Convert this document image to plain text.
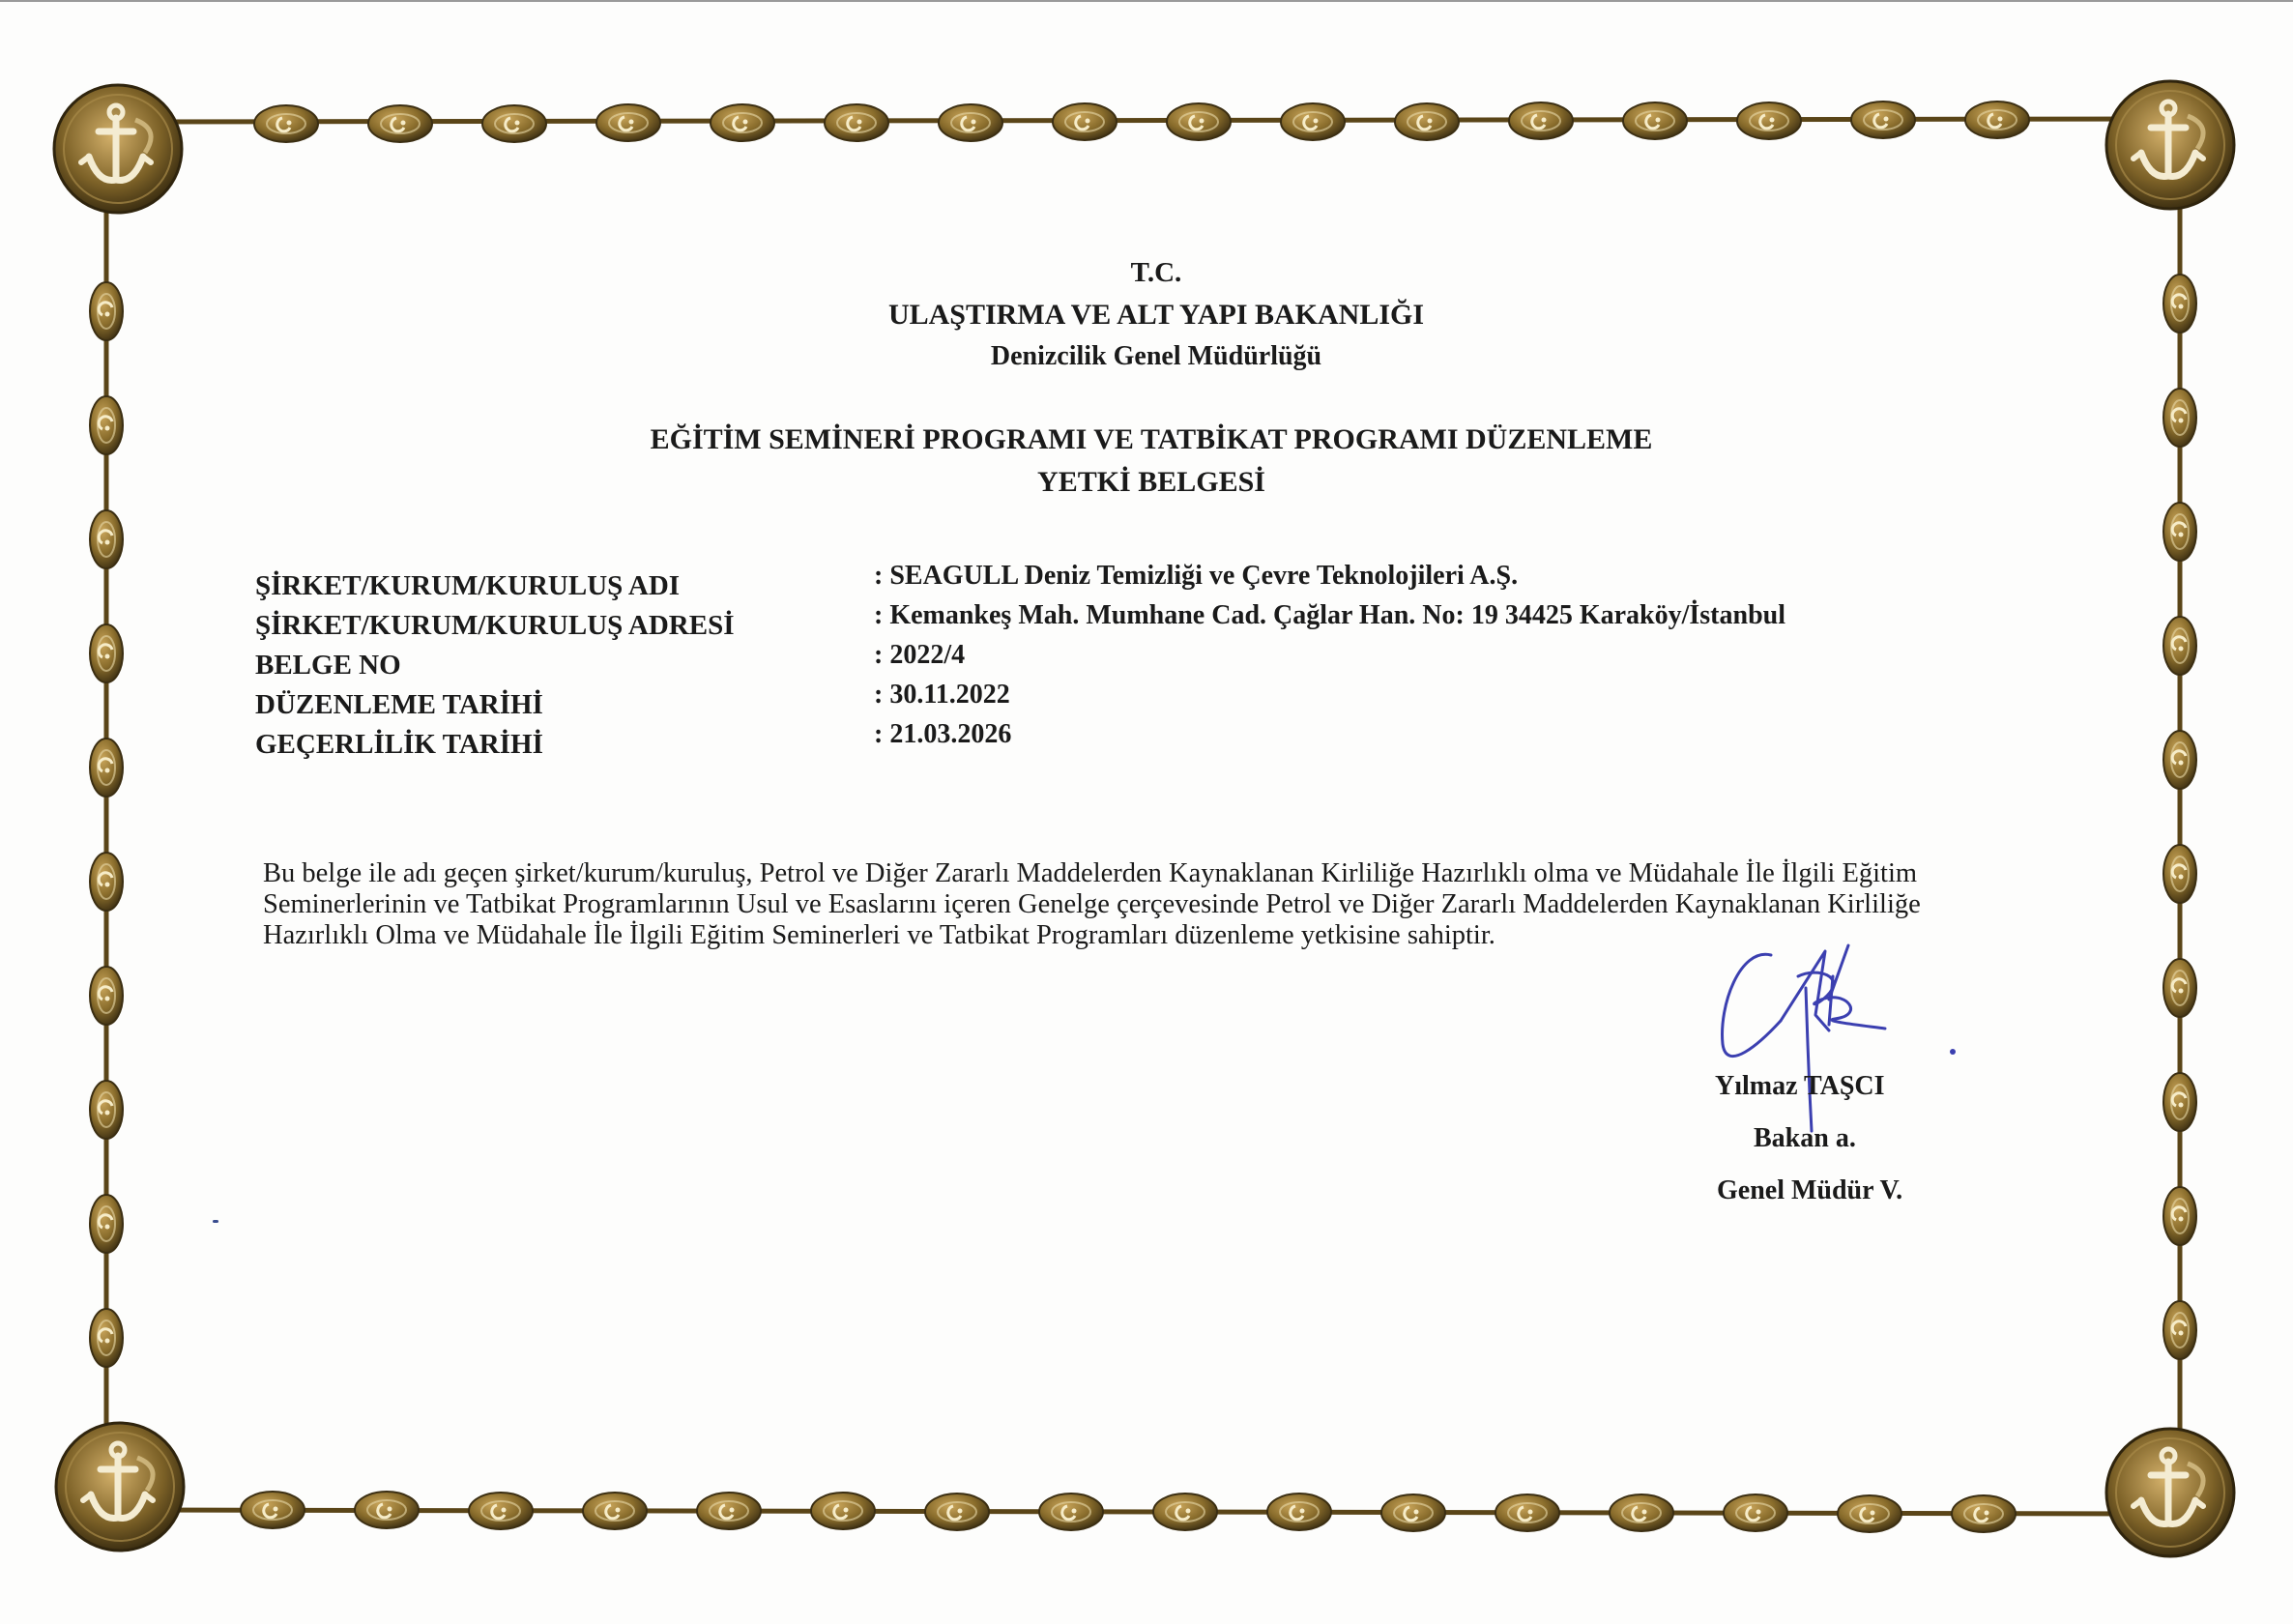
T.C.
ULAŞTIRMA VE ALT YAPI BAKANLIĞI
Denizcilik Genel Müdürlüğü
EĞİTİM SEMİNERİ PROGRAMI VE TATBİKAT PROGRAMI DÜZENLEME
YETKİ BELGESİ
ŞİRKET/KURUM/KURULUŞ ADI	: SEAGULL Deniz Temizliği ve Çevre Teknolojileri A.Ş.
ŞİRKET/KURUM/KURULUŞ ADRESİ	: Kemankeş Mah. Mumhane Cad. Çağlar Han. No: 19 34425 Karaköy/İstanbul
BELGE NO	: 2022/4
DÜZENLEME TARİHİ	: 30.11.2022
GEÇERLİLİK TARİHİ	: 21.03.2026
Bu belge ile adı geçen şirket/kurum/kuruluş, Petrol ve Diğer Zararlı Maddelerden Kaynaklanan Kirliliğe Hazırlıklı olma ve Müdahale İle İlgili Eğitim
Seminerlerinin ve Tatbikat Programlarının Usul ve Esaslarını içeren Genelge çerçevesinde Petrol ve Diğer Zararlı Maddelerden Kaynaklanan Kirliliğe
Hazırlıklı Olma ve Müdahale İle İlgili Eğitim Seminerleri ve Tatbikat Programları düzenleme yetkisine sahiptir.
Yılmaz TAŞCI
Bakan a.
Genel Müdür V.
